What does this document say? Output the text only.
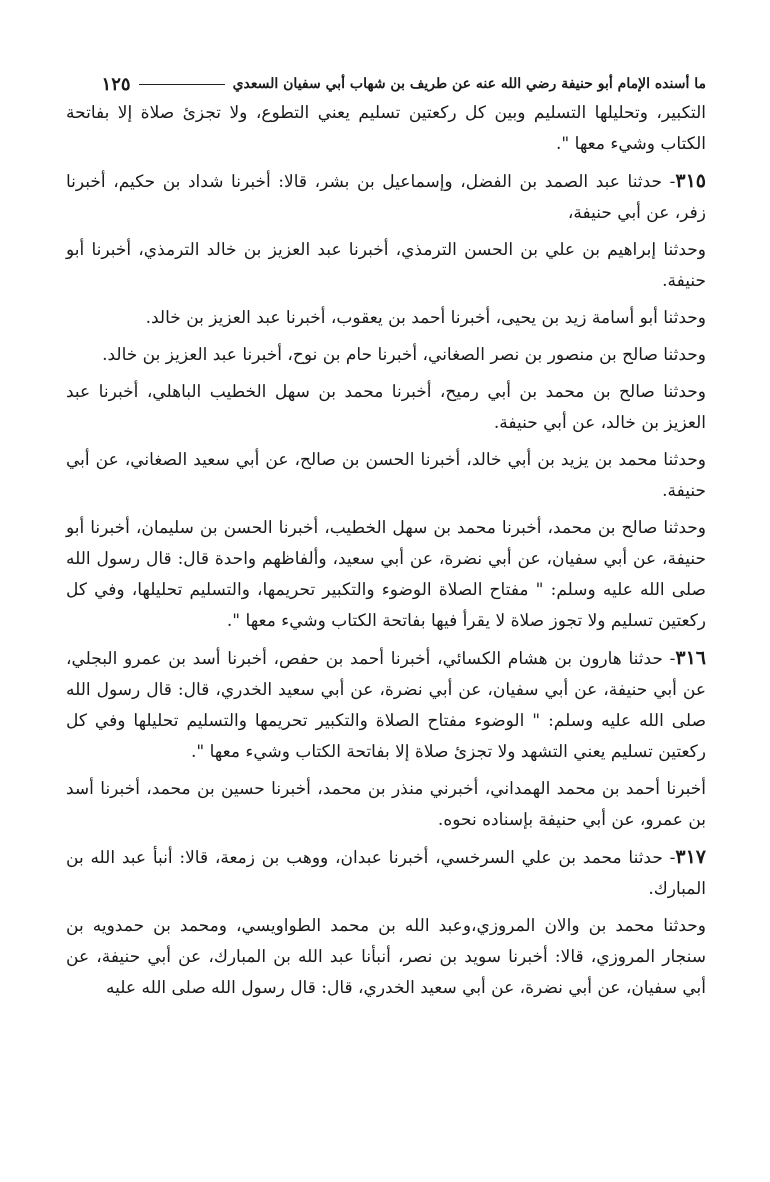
ما أسنده الإمام أبو حنيفة رضي الله عنه عن طريف بن شهاب أبي سفيان السعدي
١٢٥

التكبير، وتحليلها التسليم وبين كل ركعتين تسليم يعني التطوع، ولا تجزئ صلاة إلا بفاتحة الكتاب وشيء معها ".

٣١٥- حدثنا عبد الصمد بن الفضل، وإسماعيل بن بشر، قالا: أخبرنا شداد بن حكيم، أخبرنا زفر، عن أبي حنيفة،

وحدثنا إبراهيم بن علي بن الحسن الترمذي، أخبرنا عبد العزيز بن خالد الترمذي، أخبرنا أبو حنيفة.

وحدثنا أبو أسامة زيد بن يحيى، أخبرنا أحمد بن يعقوب، أخبرنا عبد العزيز بن خالد.

وحدثنا صالح بن منصور بن نصر الصغاني، أخبرنا حام بن نوح، أخبرنا عبد العزيز بن خالد.

وحدثنا صالح بن محمد بن أبي رميح، أخبرنا محمد بن سهل الخطيب الباهلي، أخبرنا عبد العزيز بن خالد، عن أبي حنيفة.

وحدثنا محمد بن يزيد بن أبي خالد، أخبرنا الحسن بن صالح، عن أبي سعيد الصغاني، عن أبي حنيفة.

وحدثنا صالح بن محمد، أخبرنا محمد بن سهل الخطيب، أخبرنا الحسن بن سليمان، أخبرنا أبو حنيفة، عن أبي سفيان، عن أبي نضرة، عن أبي سعيد، وألفاظهم واحدة قال: قال رسول الله صلى الله عليه وسلم: " مفتاح الصلاة الوضوء والتكبير تحريمها، والتسليم تحليلها، وفي كل ركعتين تسليم ولا تجوز صلاة لا يقرأ فيها بفاتحة الكتاب وشيء معها ".

٣١٦- حدثنا هارون بن هشام الكسائي، أخبرنا أحمد بن حفص، أخبرنا أسد بن عمرو البجلي، عن أبي حنيفة، عن أبي سفيان، عن أبي نضرة، عن أبي سعيد الخدري، قال: قال رسول الله صلى الله عليه وسلم: " الوضوء مفتاح الصلاة والتكبير تحريمها والتسليم تحليلها وفي كل ركعتين تسليم يعني التشهد ولا تجزئ صلاة إلا بفاتحة الكتاب وشيء معها ".

أخبرنا أحمد بن محمد الهمداني، أخبرني منذر بن محمد، أخبرنا حسين بن محمد، أخبرنا أسد بن عمرو، عن أبي حنيفة بإسناده نحوه.

٣١٧- حدثنا محمد بن علي السرخسي، أخبرنا عبدان، ووهب بن زمعة، قالا: أنبأ عبد الله بن المبارك.

وحدثنا محمد بن والان المروزي،وعبد الله بن محمد الطواويسي، ومحمد بن حمدويه بن سنجار المروزي، قالا: أخبرنا سويد بن نصر، أنبأنا عبد الله بن المبارك، عن أبي حنيفة، عن أبي سفيان، عن أبي نضرة، عن أبي سعيد الخدري، قال: قال رسول الله صلى الله عليه
